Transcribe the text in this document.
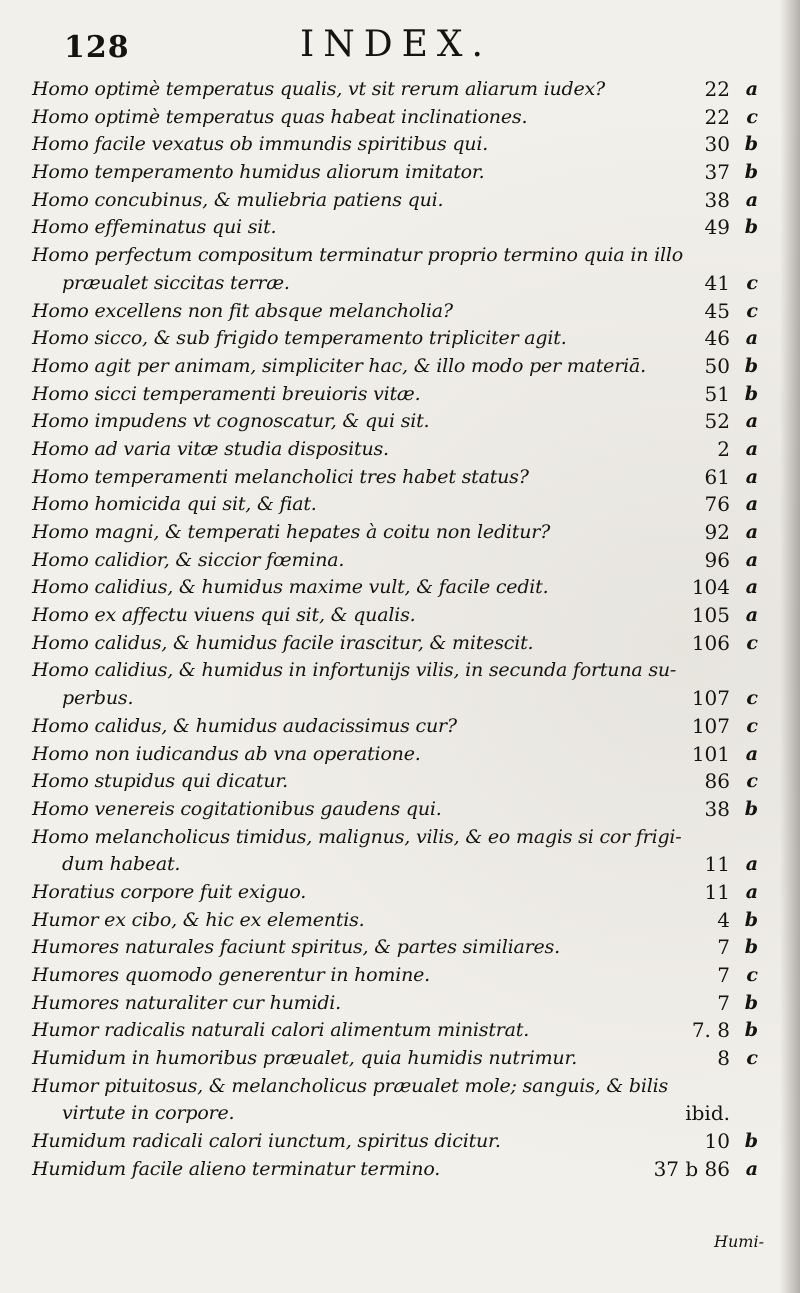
128	INDEX.
Homo optimè temperatus qualis, vt sit rerum aliarum iudex?	22 a
Homo optimè temperatus quas habeat inclinationes.	22 c
Homo facile vexatus ob immundis spiritibus qui.	30 b
Homo temperamento humidus aliorum imitator.	37 b
Homo concubinus, & muliebria patiens qui.	38 a
Homo effeminatus qui sit.	49 b
Homo perfectum compositum terminatur proprio termino quia in illo
præualet siccitas terræ.	41 c
Homo excellens non fit absque melancholia?	45 c
Homo sicco, & sub frigido temperamento tripliciter agit.	46 a
Homo agit per animam, simpliciter hac, & illo modo per materiā.	50 b
Homo sicci temperamenti breuioris vitæ.	51 b
Homo impudens vt cognoscatur, & qui sit.	52 a
Homo ad varia vitæ studia dispositus.	2 a
Homo temperamenti melancholici tres habet status?	61 a
Homo homicida qui sit, & fiat.	76 a
Homo magni, & temperati hepates à coitu non leditur?	92 a
Homo calidior, & siccior fœmina.	96 a
Homo calidius, & humidus maxime vult, & facile cedit.	104 a
Homo ex affectu viuens qui sit, & qualis.	105 a
Homo calidus, & humidus facile irascitur, & mitescit.	106 c
Homo calidius, & humidus in infortunijs vilis, in secunda fortuna su-
perbus.	107 c
Homo calidus, & humidus audacissimus cur?	107 c
Homo non iudicandus ab vna operatione.	101 a
Homo stupidus qui dicatur.	86 c
Homo venereis cogitationibus gaudens qui.	38 b
Homo melancholicus timidus, malignus, vilis, & eo magis si cor frigi-
dum habeat.	11 a
Horatius corpore fuit exiguo.	11 a
Humor ex cibo, & hic ex elementis.	4 b
Humores naturales faciunt spiritus, & partes similiares.	7 b
Humores quomodo generentur in homine.	7 c
Humores naturaliter cur humidi.	7 b
Humor radicalis naturali calori alimentum ministrat.	7. 8 b
Humidum in humoribus præualet, quia humidis nutrimur.	8 c
Humor pituitosus, & melancholicus præualet mole; sanguis, & bilis
virtute in corpore.	ibid.
Humidum radicali calori iunctum, spiritus dicitur.	10 b
Humidum facile alieno terminatur termino.	37 b 86 a
Humi-
